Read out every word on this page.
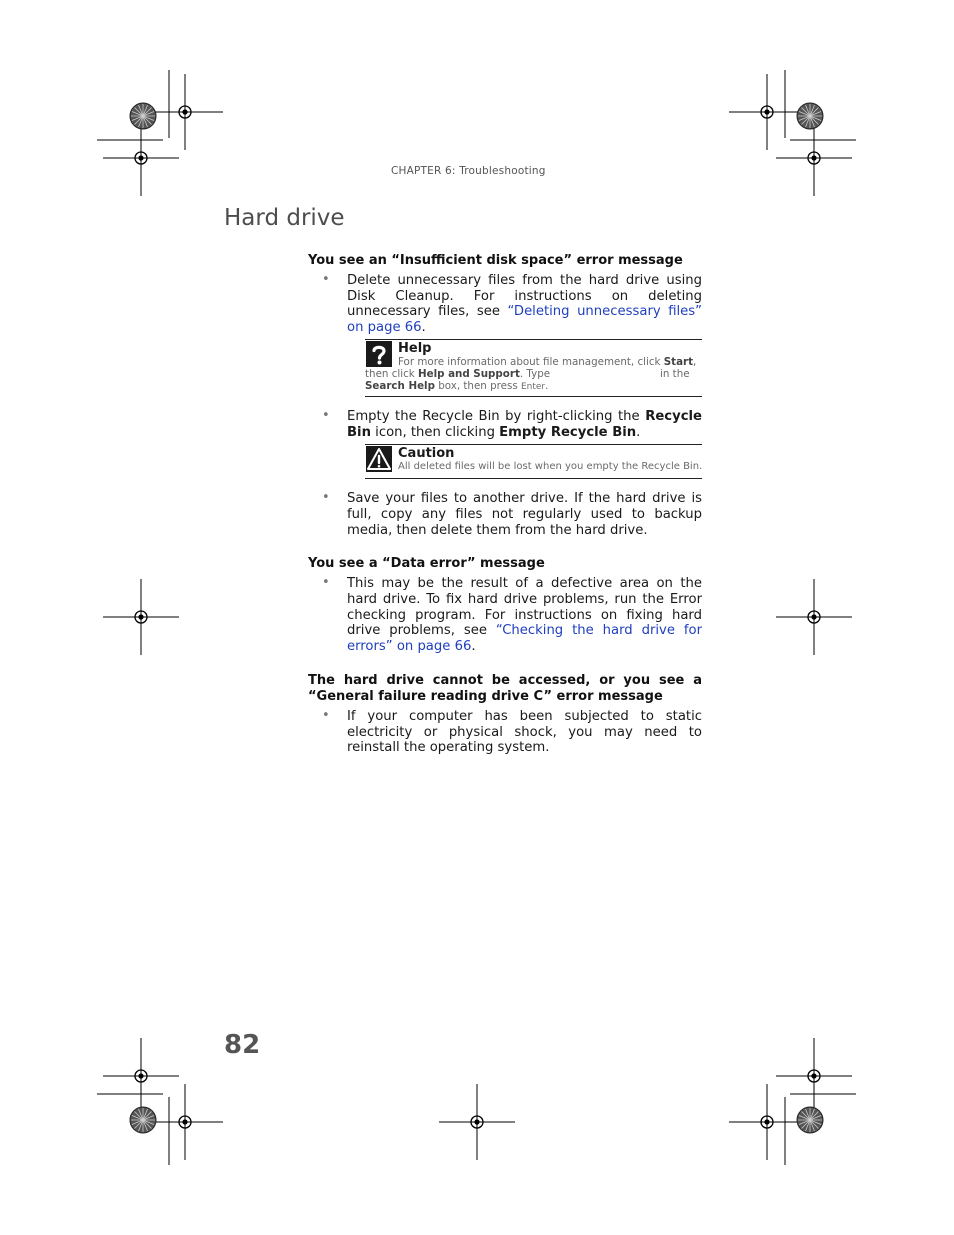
CHAPTER 6: Troubleshooting
Hard drive

You see an “Insufficient disk space” error message

• Delete unnecessary files from the hard drive using Disk Cleanup. For instructions on deleting unnecessary files, see “Deleting unnecessary files” on page 66.
Help
For more information about file management, click Start,
then click Help and Support. Type	in the
Search Help box, then press Enter.
• Empty the Recycle Bin by right-clicking the Recycle Bin icon, then clicking Empty Recycle Bin.
Caution
All deleted files will be lost when you empty the Recycle Bin.
• Save your files to another drive. If the hard drive is full, copy any files not regularly used to backup media, then delete them from the hard drive.

You see a “Data error” message

• This may be the result of a defective area on the hard drive. To fix hard drive problems, run the Error checking program. For instructions on fixing hard drive problems, see “Checking the hard drive for errors” on page 66.

The hard drive cannot be accessed, or you see a “General failure reading drive C” error message

• If your computer has been subjected to static electricity or physical shock, you may need to reinstall the operating system.
82
